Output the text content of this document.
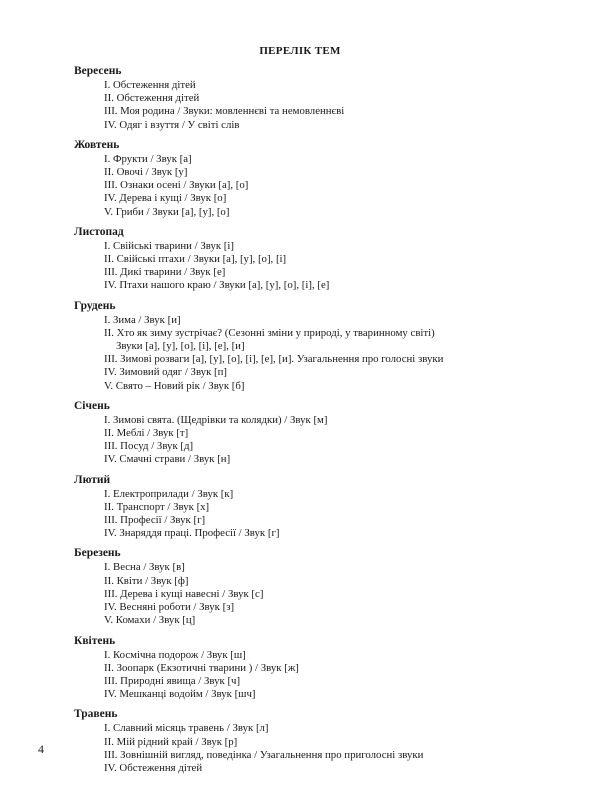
ПЕРЕЛІК ТЕМ
Вересень
І. Обстеження дітей
ІІ. Обстеження дітей
ІІІ. Моя родина / Звуки: мовленнєві та немовленнєві
ІV. Одяг і взуття / У світі слів
Жовтень
І. Фрукти / Звук [а]
ІІ. Овочі / Звук [у]
ІІІ. Ознаки осені / Звуки [а], [о]
ІV. Дерева і кущі / Звук [о]
V. Гриби / Звуки [а], [у], [о]
Листопад
І. Свійські тварини / Звук [і]
ІІ. Свійські птахи / Звуки [а], [у], [о], [і]
ІІІ. Дикі тварини / Звук [е]
ІV. Птахи нашого краю / Звуки [а], [у], [о], [і], [е]
Грудень
І. Зима / Звук [и]
ІІ. Хто як зиму зустрічає? (Сезонні зміни у природі, у тваринному світі)
Звуки [а], [у], [о], [і], [е], [и]
ІІІ. Зимові розваги [а], [у], [о], [і], [е], [и]. Узагальнення про голосні звуки
ІV. Зимовий одяг / Звук [п]
V. Свято – Новий рік / Звук [б]
Січень
І. Зимові свята. (Щедрівки та колядки) / Звук [м]
ІІ. Меблі / Звук [т]
ІІІ. Посуд / Звук [д]
ІV. Смачні страви / Звук [н]
Лютий
І. Електроприлади / Звук [к]
ІІ. Транспорт / Звук [х]
ІІІ. Професії / Звук [г]
ІV. Знаряддя праці. Професії / Звук [г]
Березень
І. Весна / Звук [в]
ІІ. Квіти / Звук [ф]
ІІІ. Дерева і кущі навесні / Звук [с]
ІV. Весняні роботи / Звук [з]
V. Комахи / Звук [ц]
Квітень
І. Космічна подорож / Звук [ш]
ІІ. Зоопарк (Екзотичні тварини ) / Звук [ж]
ІІІ. Природні явища / Звук [ч]
ІV. Мешканці водойм / Звук [шч]
Травень
І. Славний місяць травень / Звук [л]
ІІ. Мій рідний край / Звук [р]
ІІІ. Зовнішній вигляд, поведінка / Узагальнення про приголосні звуки
ІV. Обстеження дітей
4
